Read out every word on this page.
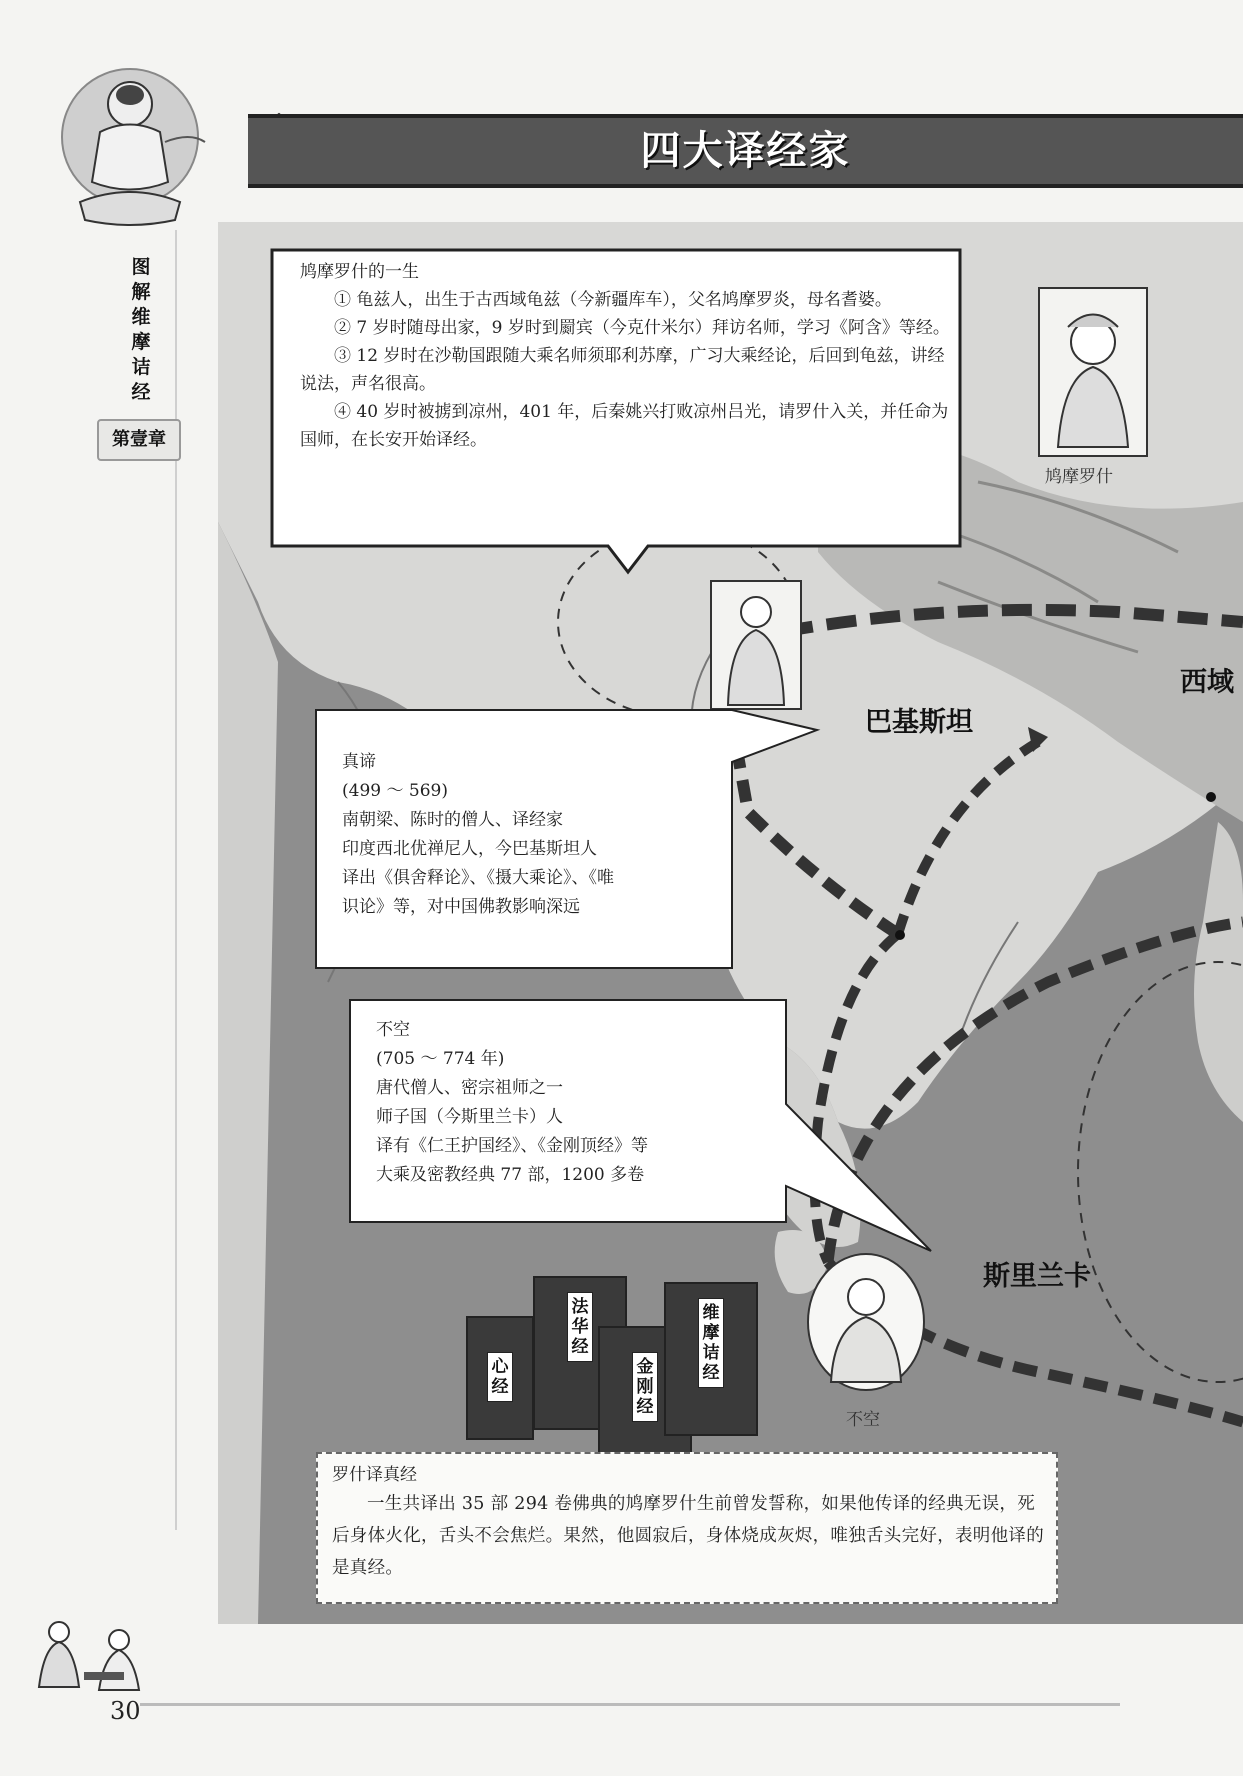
图解维摩诘经
第壹章
四大译经家
巴基斯坦
西域
斯里兰卡
鸠摩罗什
不空
鸠摩罗什的一生

① 龟兹人，出生于古西域龟兹（今新疆库车），父名鸠摩罗炎，母名耆婆。

② 7 岁时随母出家，9 岁时到罽宾（今克什米尔）拜访名师，学习《阿含》等经。

③ 12 岁时在沙勒国跟随大乘名师须耶利苏摩，广习大乘经论，后回到龟兹，讲经说法，声名很高。

④ 40 岁时被掳到凉州，401 年，后秦姚兴打败凉州吕光，请罗什入关，并任命为国师，在长安开始译经。

真谛
(499 ～ 569)
南朝梁、陈时的僧人、译经家
印度西北优禅尼人，今巴基斯坦人
译出《俱舍释论》、《摄大乘论》、《唯
识论》等，对中国佛教影响深远
不空
(705 ～ 774 年)
唐代僧人、密宗祖师之一
师子国（今斯里兰卡）人
译有《仁王护国经》、《金刚顶经》等
大乘及密教经典 77 部，1200 多卷
心经
法华经
金刚经
维摩诘经
罗什译真经
一生共译出 35 部 294 卷佛典的鸠摩罗什生前曾发誓称，如果他传译的经典无误，死后身体火化，舌头不会焦烂。果然，他圆寂后，身体烧成灰烬，唯独舌头完好，表明他译的是真经。
30
